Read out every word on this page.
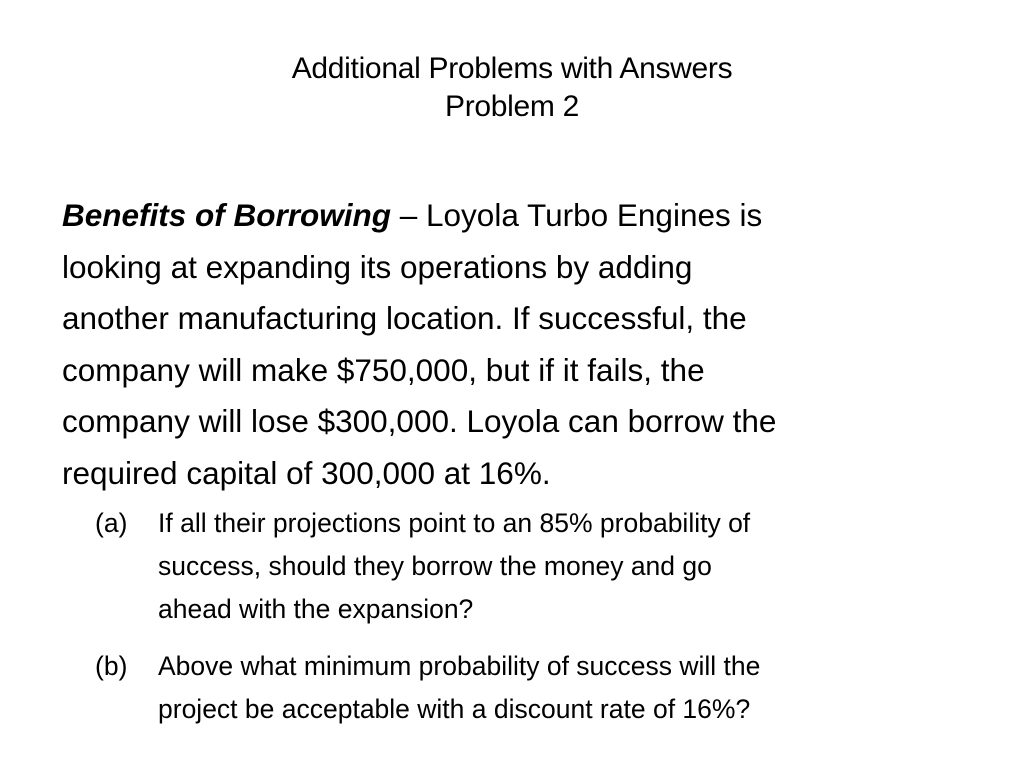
Additional Problems with Answers
Problem 2
Benefits of Borrowing – Loyola Turbo Engines is
looking at expanding its operations by adding
another manufacturing location. If successful, the
company will make $750,000, but if it fails, the
company will lose $300,000. Loyola can borrow the
required capital of 300,000 at 16%.
(a) If all their projections point to an 85% probability of
success, should they borrow the money and go
ahead with the expansion?
(b) Above what minimum probability of success will the
project be acceptable with a discount rate of 16%?
